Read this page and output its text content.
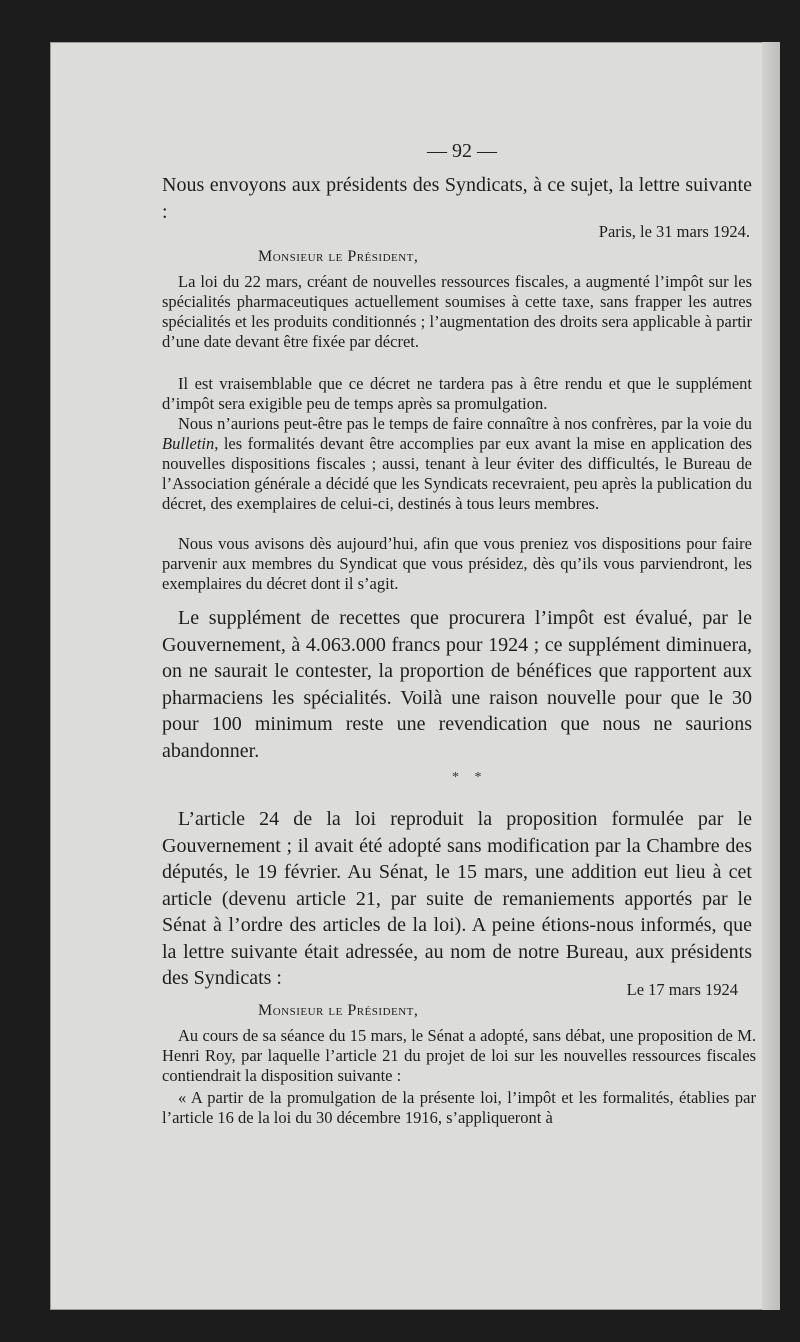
— 92 —
Nous envoyons aux présidents des Syndicats, à ce sujet, la lettre suivante :
Paris, le 31 mars 1924.
Monsieur le Président,
La loi du 22 mars, créant de nouvelles ressources fiscales, a augmenté l’impôt sur les spécialités pharmaceutiques actuellement soumises à cette taxe, sans frapper les autres spécialités et les produits conditionnés ; l’augmentation des droits sera applicable à partir d’une date devant être fixée par décret.
Il est vraisemblable que ce décret ne tardera pas à être rendu et que le supplément d’impôt sera exigible peu de temps après sa promulgation.
Nous n’aurions peut-être pas le temps de faire connaître à nos confrères, par la voie du Bulletin, les formalités devant être accomplies par eux avant la mise en application des nouvelles dispositions fiscales ; aussi, tenant à leur éviter des difficultés, le Bureau de l’Association générale a décidé que les Syndicats recevraient, peu après la publication du décret, des exemplaires de celui-ci, destinés à tous leurs membres.
Nous vous avisons dès aujourd’hui, afin que vous preniez vos dispositions pour faire parvenir aux membres du Syndicat que vous présidez, dès qu’ils vous parviendront, les exemplaires du décret dont il s’agit.
Le supplément de recettes que procurera l’impôt est évalué, par le Gouvernement, à 4.063.000 francs pour 1924 ; ce supplément diminuera, on ne saurait le contester, la proportion de bénéfices que rapportent aux pharmaciens les spécialités. Voilà une raison nouvelle pour que le 30 pour 100 minimum reste une revendication que nous ne saurions abandonner.
* *
L’article 24 de la loi reproduit la proposition formulée par le Gouvernement ; il avait été adopté sans modification par la Chambre des députés, le 19 février. Au Sénat, le 15 mars, une addition eut lieu à cet article (devenu article 21, par suite de remaniements apportés par le Sénat à l’ordre des articles de la loi). A peine étions-nous informés, que la lettre suivante était adressée, au nom de notre Bureau, aux présidents des Syndicats :
Le 17 mars 1924
Monsieur le Président,
Au cours de sa séance du 15 mars, le Sénat a adopté, sans débat, une proposition de M. Henri Roy, par laquelle l’article 21 du projet de loi sur les nouvelles ressources fiscales contiendrait la disposition suivante :
« A partir de la promulgation de la présente loi, l’impôt et les formalités, établies par l’article 16 de la loi du 30 décembre 1916, s’appliqueront à
